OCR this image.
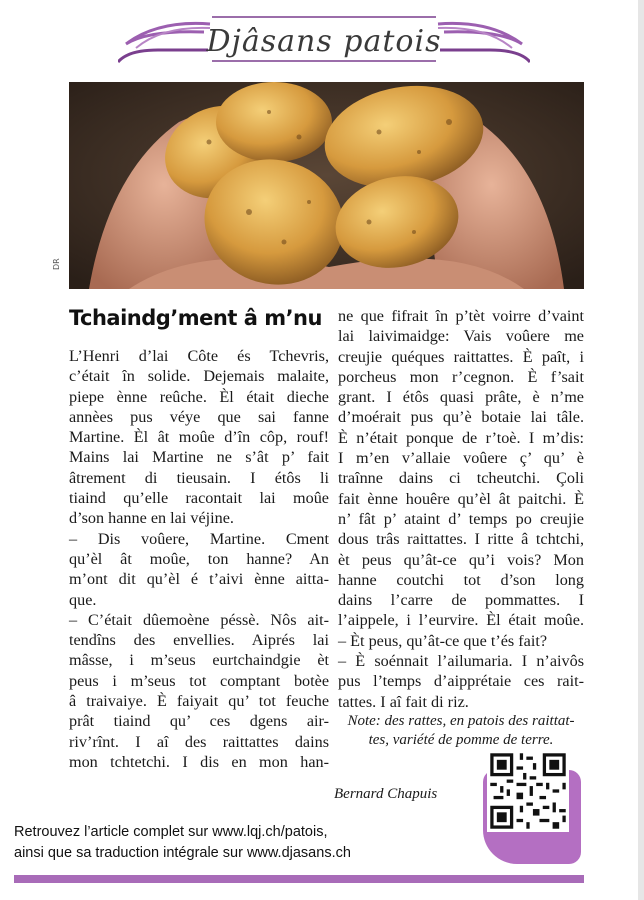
Djâsans patois
DR
Tchaindg’ment â m’nu
L’Henri d’lai Côte és Tchevris,
c’était în solide. Dejemais malaite,
piepe ènne reûche. Èl était dieche
annèes pus véye que sai fanne
Martine. Èl ât moûe d’în côp, rouf!
Mains lai Martine ne s’ât p’ fait
âtrement di tieusain. I étôs li
tiaind qu’elle racontait lai moûe
d’son hanne en lai véjine.
– Dis voûere, Martine. Cment
qu’èl ât moûe, ton hanne? An
m’ont dit qu’èl é t’aivi ènne aitta-
que.
– C’était dûemoène péssè. Nôs ait-
tendîns des envellies. Aiprés lai
mâsse, i m’seus eurtchaindgie èt
peus i m’seus tot comptant botèe
â traivaiye. È faiyait qu’ tot feuche
prât tiaind qu’ ces dgens air-
riv’rînt. I aî des raittattes dains
mon tchtetchi. I dis en mon han-
ne que fifrait în p’tèt voirre d’vaint
lai laivimaidge: Vais voûere me
creujie quéques raittattes. È paît, i
porcheus mon r’cegnon. È f’sait
grant. I étôs quasi prâte, è n’me
d’moérait pus qu’è botaie lai tâle.
È n’était ponque de r’toè. I m’dis:
I m’en v’allaie voûere ç’ qu’ è
traînne dains ci tcheutchi. Çoli
fait ènne houêre qu’èl ât paitchi. È
n’ fât p’ ataint d’ temps po creujie
dous trâs raittattes. I ritte â tchtchi,
èt peus qu’ât-ce qu’i vois? Mon
hanne coutchi tot d’son long
dains l’carre de pommattes. I
l’aippele, i l’eurvire. Èl était moûe.
– Èt peus, qu’ât-ce que t’és fait?
– È soénnait l’ailumaria. I n’aivôs
pus l’temps d’aipprétaie ces rait-
tattes. I aî fait di riz.
Note: des rattes, en patois des raittat-
tes, variété de pomme de terre.
Bernard Chapuis
Retrouvez l’article complet sur www.lqj.ch/patois,
ainsi que sa traduction intégrale sur www.djasans.ch
